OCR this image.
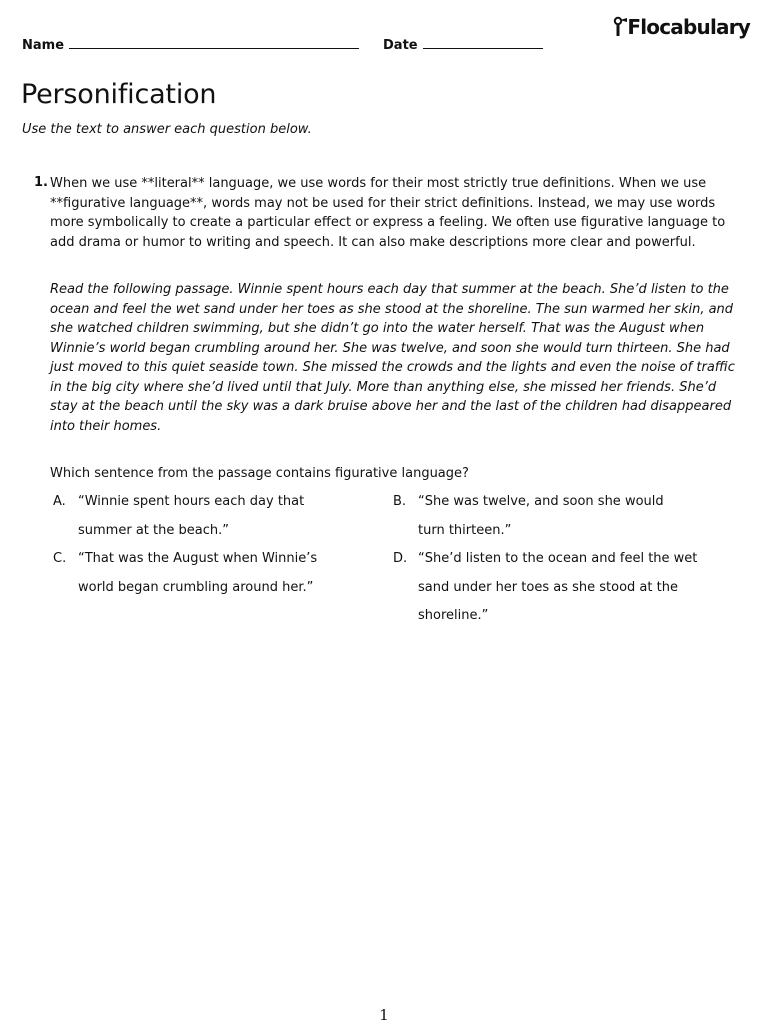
Name	Date
Flocabulary
Personification
Use the text to answer each question below.
1. When we use **literal** language, we use words for their most strictly true definitions. When we use **figurative language**, words may not be used for their strict definitions. Instead, we may use words more symbolically to create a particular effect or express a feeling. We often use figurative language to add drama or humor to writing and speech. It can also make descriptions more clear and powerful.

Read the following passage. Winnie spent hours each day that summer at the beach. She’d listen to the ocean and feel the wet sand under her toes as she stood at the shoreline. The sun warmed her skin, and she watched children swimming, but she didn’t go into the water herself. That was the August when Winnie’s world began crumbling around her. She was twelve, and soon she would turn thirteen. She had just moved to this quiet seaside town. She missed the crowds and the lights and even the noise of traffic in the big city where she’d lived until that July. More than anything else, she missed her friends. She’d stay at the beach until the sky was a dark bruise above her and the last of the children had disappeared into their homes.

Which sentence from the passage contains figurative language?
A. “Winnie spent hours each day that summer at the beach.”
B. “She was twelve, and soon she would turn thirteen.”
C. “That was the August when Winnie’s world began crumbling around her.”
D. “She’d listen to the ocean and feel the wet sand under her toes as she stood at the shoreline.”
1
